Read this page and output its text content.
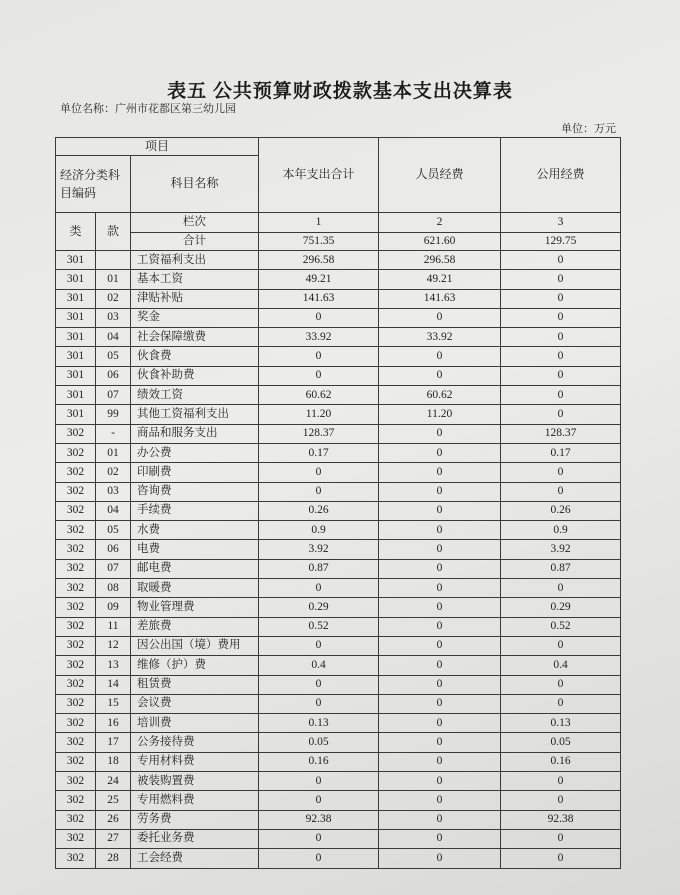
表五 公共预算财政拨款基本支出决算表
单位名称：广州市花都区第三幼儿园
单位：万元
项目			本年支出合计	人员经费	公用经费
经济分类科目编码		科目名称			
类	款	栏次	1	2	3
		合计	751.35	621.60	129.75
301		工资福利支出	296.58	296.58	0
301	01	基本工资	49.21	49.21	0
301	02	津贴补贴	141.63	141.63	0
301	03	奖金	0	0	0
301	04	社会保障缴费	33.92	33.92	0
301	05	伙食费	0	0	0
301	06	伙食补助费	0	0	0
301	07	绩效工资	60.62	60.62	0
301	99	其他工资福利支出	11.20	11.20	0
302	-	商品和服务支出	128.37	0	128.37
302	01	办公费	0.17	0	0.17
302	02	印刷费	0	0	0
302	03	咨询费	0	0	0
302	04	手续费	0.26	0	0.26
302	05	水费	0.9	0	0.9
302	06	电费	3.92	0	3.92
302	07	邮电费	0.87	0	0.87
302	08	取暖费	0	0	0
302	09	物业管理费	0.29	0	0.29
302	11	差旅费	0.52	0	0.52
302	12	因公出国（境）费用	0	0	0
302	13	维修（护）费	0.4	0	0.4
302	14	租赁费	0	0	0
302	15	会议费	0	0	0
302	16	培训费	0.13	0	0.13
302	17	公务接待费	0.05	0	0.05
302	18	专用材料费	0.16	0	0.16
302	24	被装购置费	0	0	0
302	25	专用燃料费	0	0	0
302	26	劳务费	92.38	0	92.38
302	27	委托业务费	0	0	0
302	28	工会经费	0	0	0
